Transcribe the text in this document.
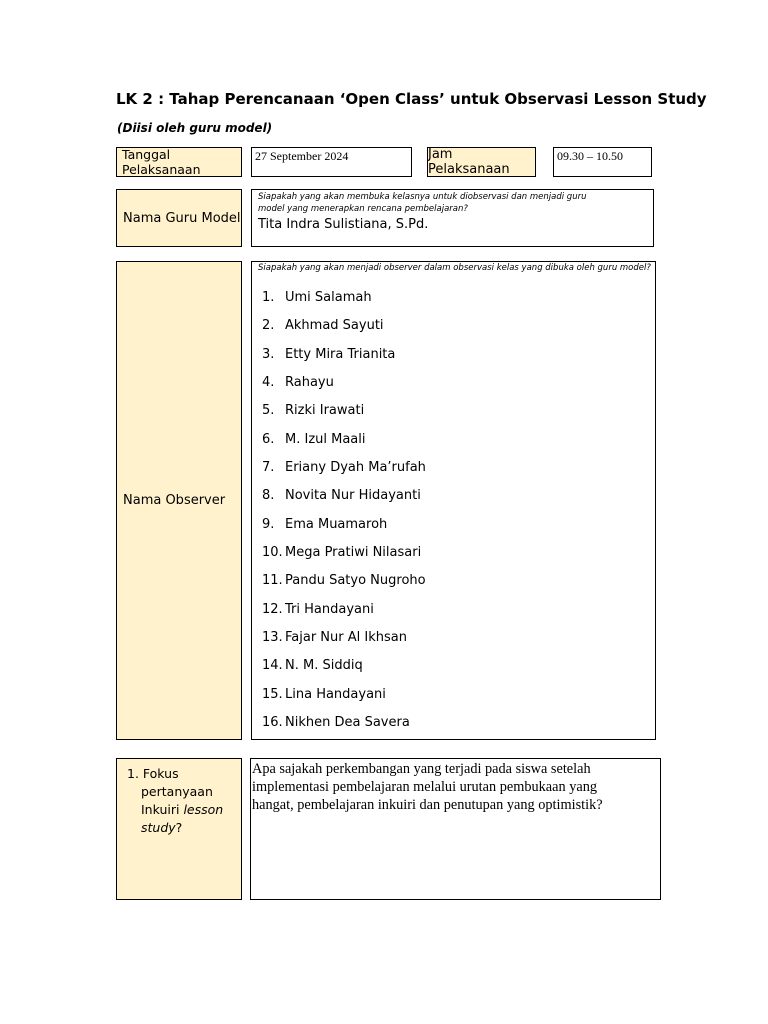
LK 2 : Tahap Perencanaan ‘Open Class’ untuk Observasi Lesson Study
(Diisi oleh guru model)
Tanggal Pelaksanaan
27 September 2024	Jam Pelaksanaan
09.30 – 10.50
Nama Guru Model
Siapakah yang akan membuka kelasnya untuk diobservasi dan menjadi guru
model yang menerapkan rencana pembelajaran?
Tita Indra Sulistiana, S.Pd.
Nama Observer
Siapakah yang akan menjadi observer dalam observasi kelas yang dibuka oleh guru model?
1. Umi Salamah
2. Akhmad Sayuti
3. Etty Mira Trianita
4. Rahayu
5. Rizki Irawati
6. M. Izul Maali
7. Eriany Dyah Ma’rufah
8. Novita Nur Hidayanti
9. Ema Muamaroh
10. Mega Pratiwi Nilasari
11. Pandu Satyo Nugroho
12. Tri Handayani
13. Fajar Nur Al Ikhsan
14. N. M. Siddiq
15. Lina Handayani
16. Nikhen Dea Savera
1. Fokus
pertanyaan
Inkuiri lesson
study?
Apa sajakah perkembangan yang terjadi pada siswa setelah
implementasi pembelajaran melalui urutan pembukaan yang
hangat, pembelajaran inkuiri dan penutupan yang optimistik?
